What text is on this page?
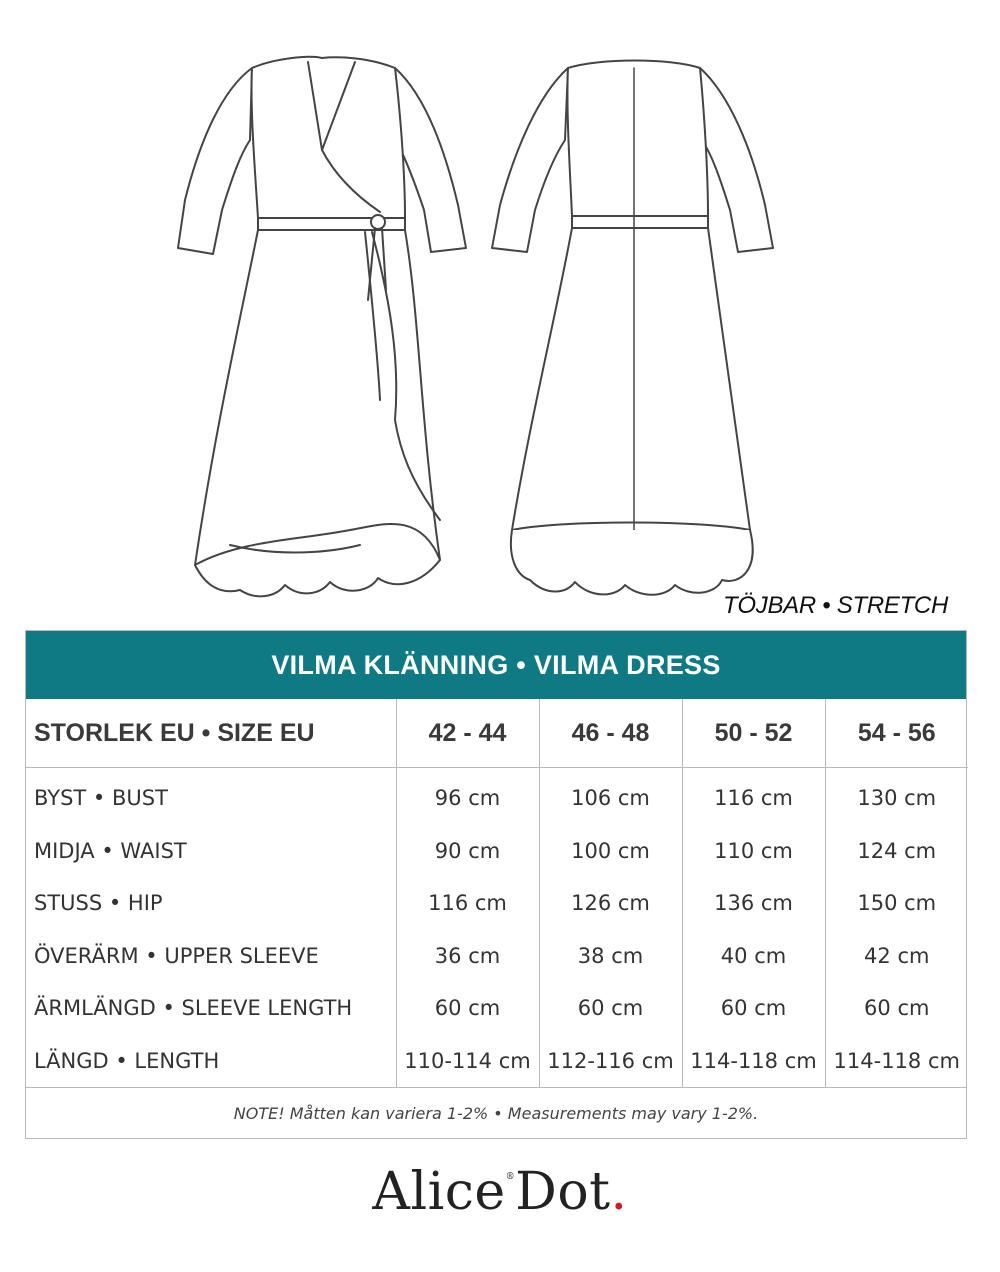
TÖJBAR • STRETCH
VILMA KLÄNNING • VILMA DRESS
STORLEK EU • SIZE EU	42 - 44	46 - 48	50 - 52	54 - 56
BYST • BUST	96 cm	106 cm	116 cm	130 cm
MIDJA • WAIST	90 cm	100 cm	110 cm	124 cm
STUSS • HIP	116 cm	126 cm	136 cm	150 cm
ÖVERÄRM • UPPER SLEEVE	36 cm	38 cm	40 cm	42 cm
ÄRMLÄNGD • SLEEVE LENGTH	60 cm	60 cm	60 cm	60 cm
LÄNGD • LENGTH	110-114 cm	112-116 cm	114-118 cm	114-118 cm
NOTE! Måtten kan variera 1-2% • Measurements may vary 1-2%.
Alice®Dot.
